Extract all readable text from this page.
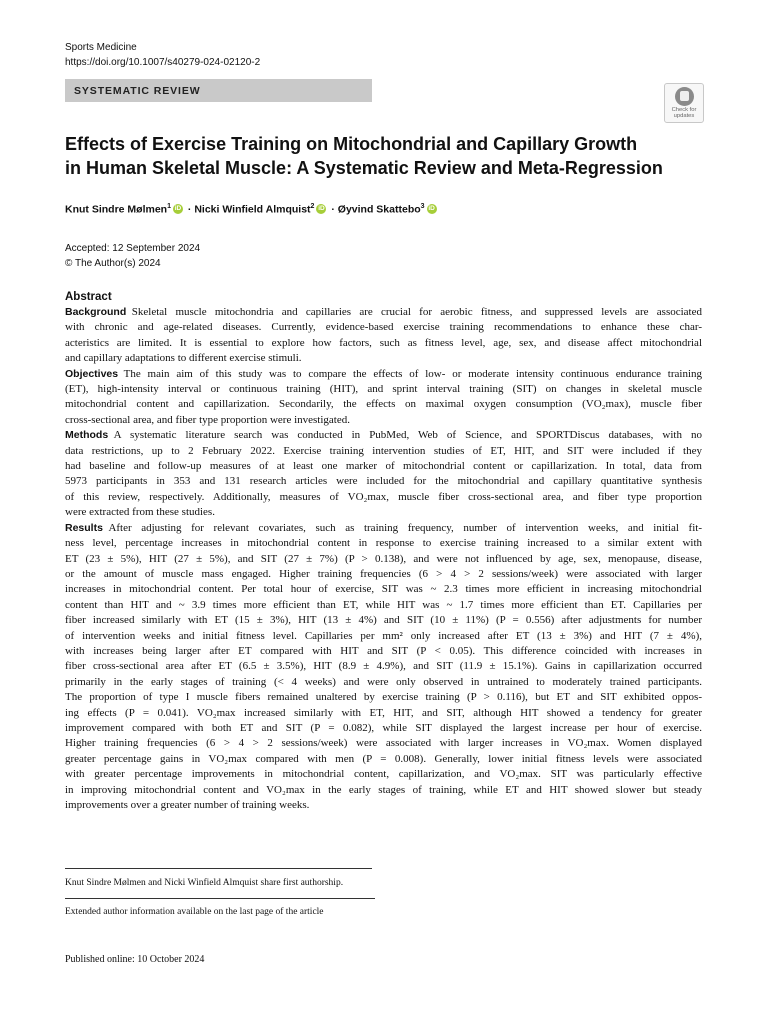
Sports Medicine
https://doi.org/10.1007/s40279-024-02120-2
SYSTEMATIC REVIEW
Check for
updates
Effects of Exercise Training on Mitochondrial and Capillary Growth
in Human Skeletal Muscle: A Systematic Review and Meta-Regression
Knut Sindre Mølmen$^1$ iD · Nicki Winfield Almquist$^2$ iD · Øyvind Skattebo$^3$ iD
Accepted: 12 September 2024
© The Author(s) 2024
Abstract
Background  Skeletal muscle mitochondria and capillaries are crucial for aerobic fitness, and suppressed levels are associated
with chronic and age-related diseases. Currently, evidence-based exercise training recommendations to enhance these char-
acteristics are limited. It is essential to explore how factors, such as fitness level, age, sex, and disease affect mitochondrial
and capillary adaptations to different exercise stimuli.
Objectives  The main aim of this study was to compare the effects of low- or moderate intensity continuous endurance training
(ET), high-intensity interval or continuous training (HIT), and sprint interval training (SIT) on changes in skeletal muscle
mitochondrial content and capillarization. Secondarily, the effects on maximal oxygen consumption (VO₂max), muscle fiber
cross-sectional area, and fiber type proportion were investigated.
Methods  A systematic literature search was conducted in PubMed, Web of Science, and SPORTDiscus databases, with no
data restrictions, up to 2 February 2022. Exercise training intervention studies of ET, HIT, and SIT were included if they
had baseline and follow-up measures of at least one marker of mitochondrial content or capillarization. In total, data from
5973 participants in 353 and 131 research articles were included for the mitochondrial and capillary quantitative synthesis
of this review, respectively. Additionally, measures of VO₂max, muscle fiber cross-sectional area, and fiber type proportion
were extracted from these studies.
Results  After adjusting for relevant covariates, such as training frequency, number of intervention weeks, and initial fit-
ness level, percentage increases in mitochondrial content in response to exercise training increased to a similar extent with
ET (23 ± 5%), HIT (27 ± 5%), and SIT (27 ± 7%) (P > 0.138), and were not influenced by age, sex, menopause, disease,
or the amount of muscle mass engaged. Higher training frequencies (6 > 4 > 2 sessions/week) were associated with larger
increases in mitochondrial content. Per total hour of exercise, SIT was ~ 2.3 times more efficient in increasing mitochondrial
content than HIT and ~ 3.9 times more efficient than ET, while HIT was ~ 1.7 times more efficient than ET. Capillaries per
fiber increased similarly with ET (15 ± 3%), HIT (13 ± 4%) and SIT (10 ± 11%) (P = 0.556) after adjustments for number
of intervention weeks and initial fitness level. Capillaries per mm² only increased after ET (13 ± 3%) and HIT (7 ± 4%),
with increases being larger after ET compared with HIT and SIT (P < 0.05). This difference coincided with increases in
fiber cross-sectional area after ET (6.5 ± 3.5%), HIT (8.9 ± 4.9%), and SIT (11.9 ± 15.1%). Gains in capillarization occurred
primarily in the early stages of training (< 4 weeks) and were only observed in untrained to moderately trained participants.
The proportion of type I muscle fibers remained unaltered by exercise training (P > 0.116), but ET and SIT exhibited oppos-
ing effects (P = 0.041). VO₂max increased similarly with ET, HIT, and SIT, although HIT showed a tendency for greater
improvement compared with both ET and SIT (P = 0.082), while SIT displayed the largest increase per hour of exercise.
Higher training frequencies (6 > 4 > 2 sessions/week) were associated with larger increases in VO₂max. Women displayed
greater percentage gains in VO₂max compared with men (P = 0.008). Generally, lower initial fitness levels were associated
with greater percentage improvements in mitochondrial content, capillarization, and VO₂max. SIT was particularly effective
in improving mitochondrial content and VO₂max in the early stages of training, while ET and HIT showed slower but steady
improvements over a greater number of training weeks.
Knut Sindre Mølmen and Nicki Winfield Almquist share first authorship.
Extended author information available on the last page of the article
Published online: 10 October 2024
